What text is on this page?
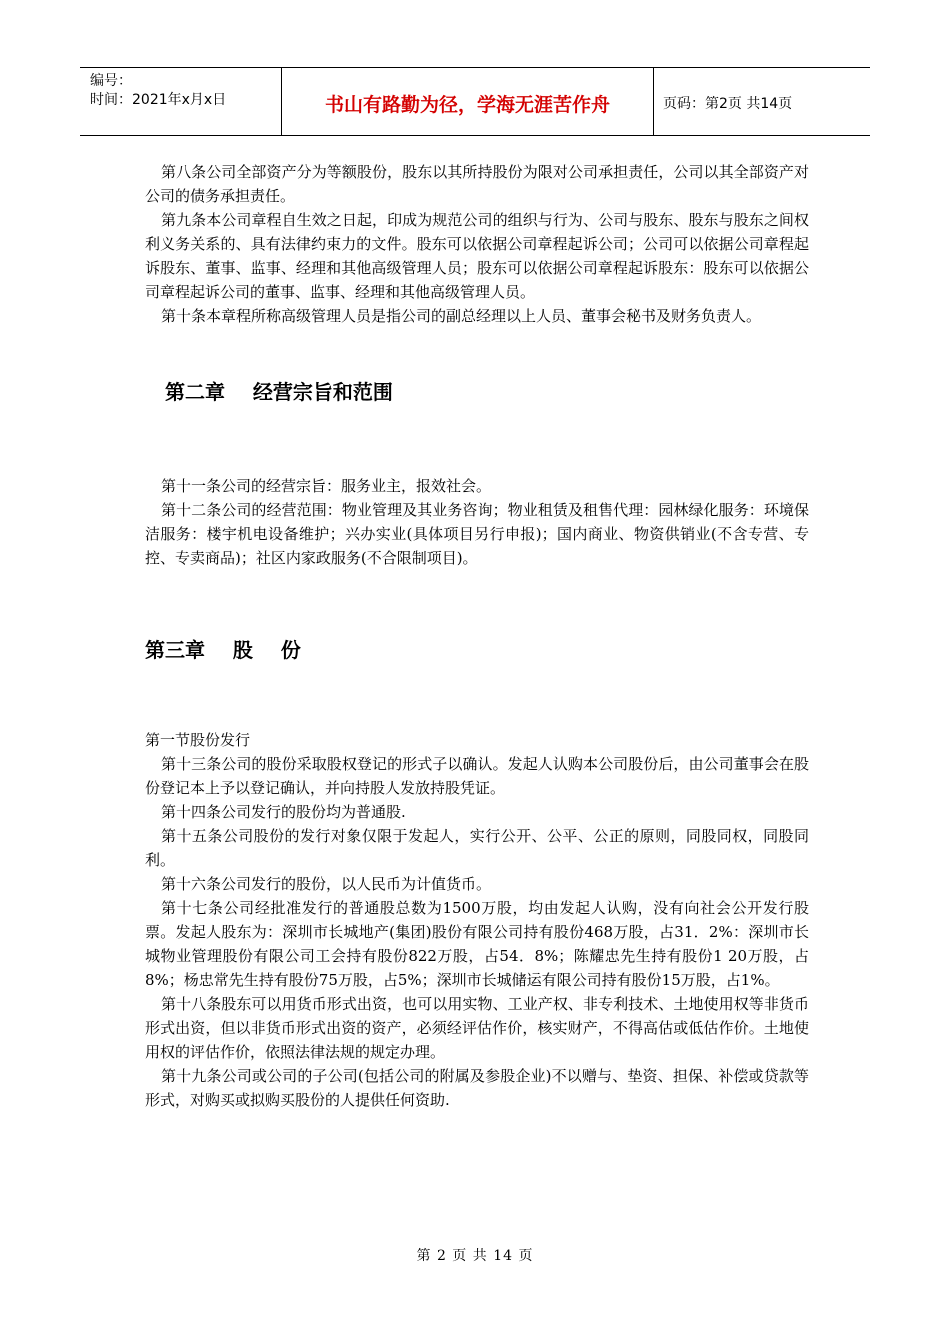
编号：
时间：2021年x月x日	书山有路勤为径，学海无涯苦作舟	页码：第2页 共14页

第八条公司全部资产分为等额股份，股东以其所持股份为限对公司承担责任，公司以其全部资产对公司的债务承担责任。

第九条本公司章程自生效之日起，印成为规范公司的组织与行为、公司与股东、股东与股东之间权利义务关系的、具有法律约束力的文件。股东可以依据公司章程起诉公司；公司可以依据公司章程起诉股东、董事、监事、经理和其他高级管理人员；股东可以依据公司章程起诉股东：股东可以依据公司章程起诉公司的董事、监事、经理和其他高级管理人员。

第十条本章程所称高级管理人员是指公司的副总经理以上人员、董事会秘书及财务负责人。

第二章    经营宗旨和范围

第十一条公司的经营宗旨：服务业主，报效社会。

第十二条公司的经营范围：物业管理及其业务咨询；物业租赁及租售代理：园林绿化服务：环境保洁服务：楼宇机电设备维护；兴办实业(具体项目另行申报)；国内商业、物资供销业(不含专营、专控、专卖商品)；社区内家政服务(不合限制项目)。

第三章    股    份

第一节股份发行

第十三条公司的股份采取股权登记的形式子以确认。发起人认购本公司股份后，由公司董事会在股份登记本上予以登记确认，并向持股人发放持股凭证。

第十四条公司发行的股份均为普通股.

第十五条公司股份的发行对象仅限于发起人，实行公开、公平、公正的原则，同股同权，同股同利。

第十六条公司发行的股份，以人民币为计值货币。

第十七条公司经批准发行的普通股总数为1500万股，均由发起人认购，没有向社会公开发行股票。发起人股东为：深圳市长城地产(集团)股份有限公司持有股份468万股，占31．2%：深圳市长城物业管理股份有限公司工会持有股份822万股，占54．8%；陈耀忠先生持有股份1 20万股，占8%；杨忠常先生持有股份75万股，占5%；深圳市长城储运有限公司持有股份15万股，占1%。

第十八条股东可以用货币形式出资，也可以用实物、工业产权、非专利技术、土地使用权等非货币形式出资，但以非货币形式出资的资产，必须经评估作价，核实财产，不得高估或低估作价。土地使用权的评估作价，依照法律法规的规定办理。

第十九条公司或公司的子公司(包括公司的附属及参股企业)不以赠与、垫资、担保、补偿或贷款等形式，对购买或拟购买股份的人提供任何资助.

第 2 页 共 14 页
